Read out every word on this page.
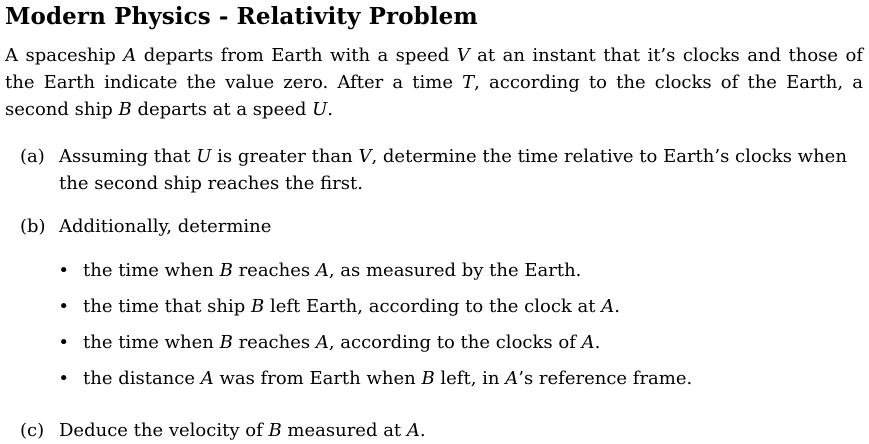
Modern Physics - Relativity Problem

A spaceship A departs from Earth with a speed V at an instant that it’s clocks and those of the Earth indicate the value zero. After a time T, according to the clocks of the Earth, a second ship B departs at a speed U.

(a) Assuming that U is greater than V, determine the time relative to Earth’s clocks when the second ship reaches the first.
(b) Additionally, determine
• the time when B reaches A, as measured by the Earth.
• the time that ship B left Earth, according to the clock at A.
• the time when B reaches A, according to the clocks of A.
• the distance A was from Earth when B left, in A’s reference frame.
(c) Deduce the velocity of B measured at A.
